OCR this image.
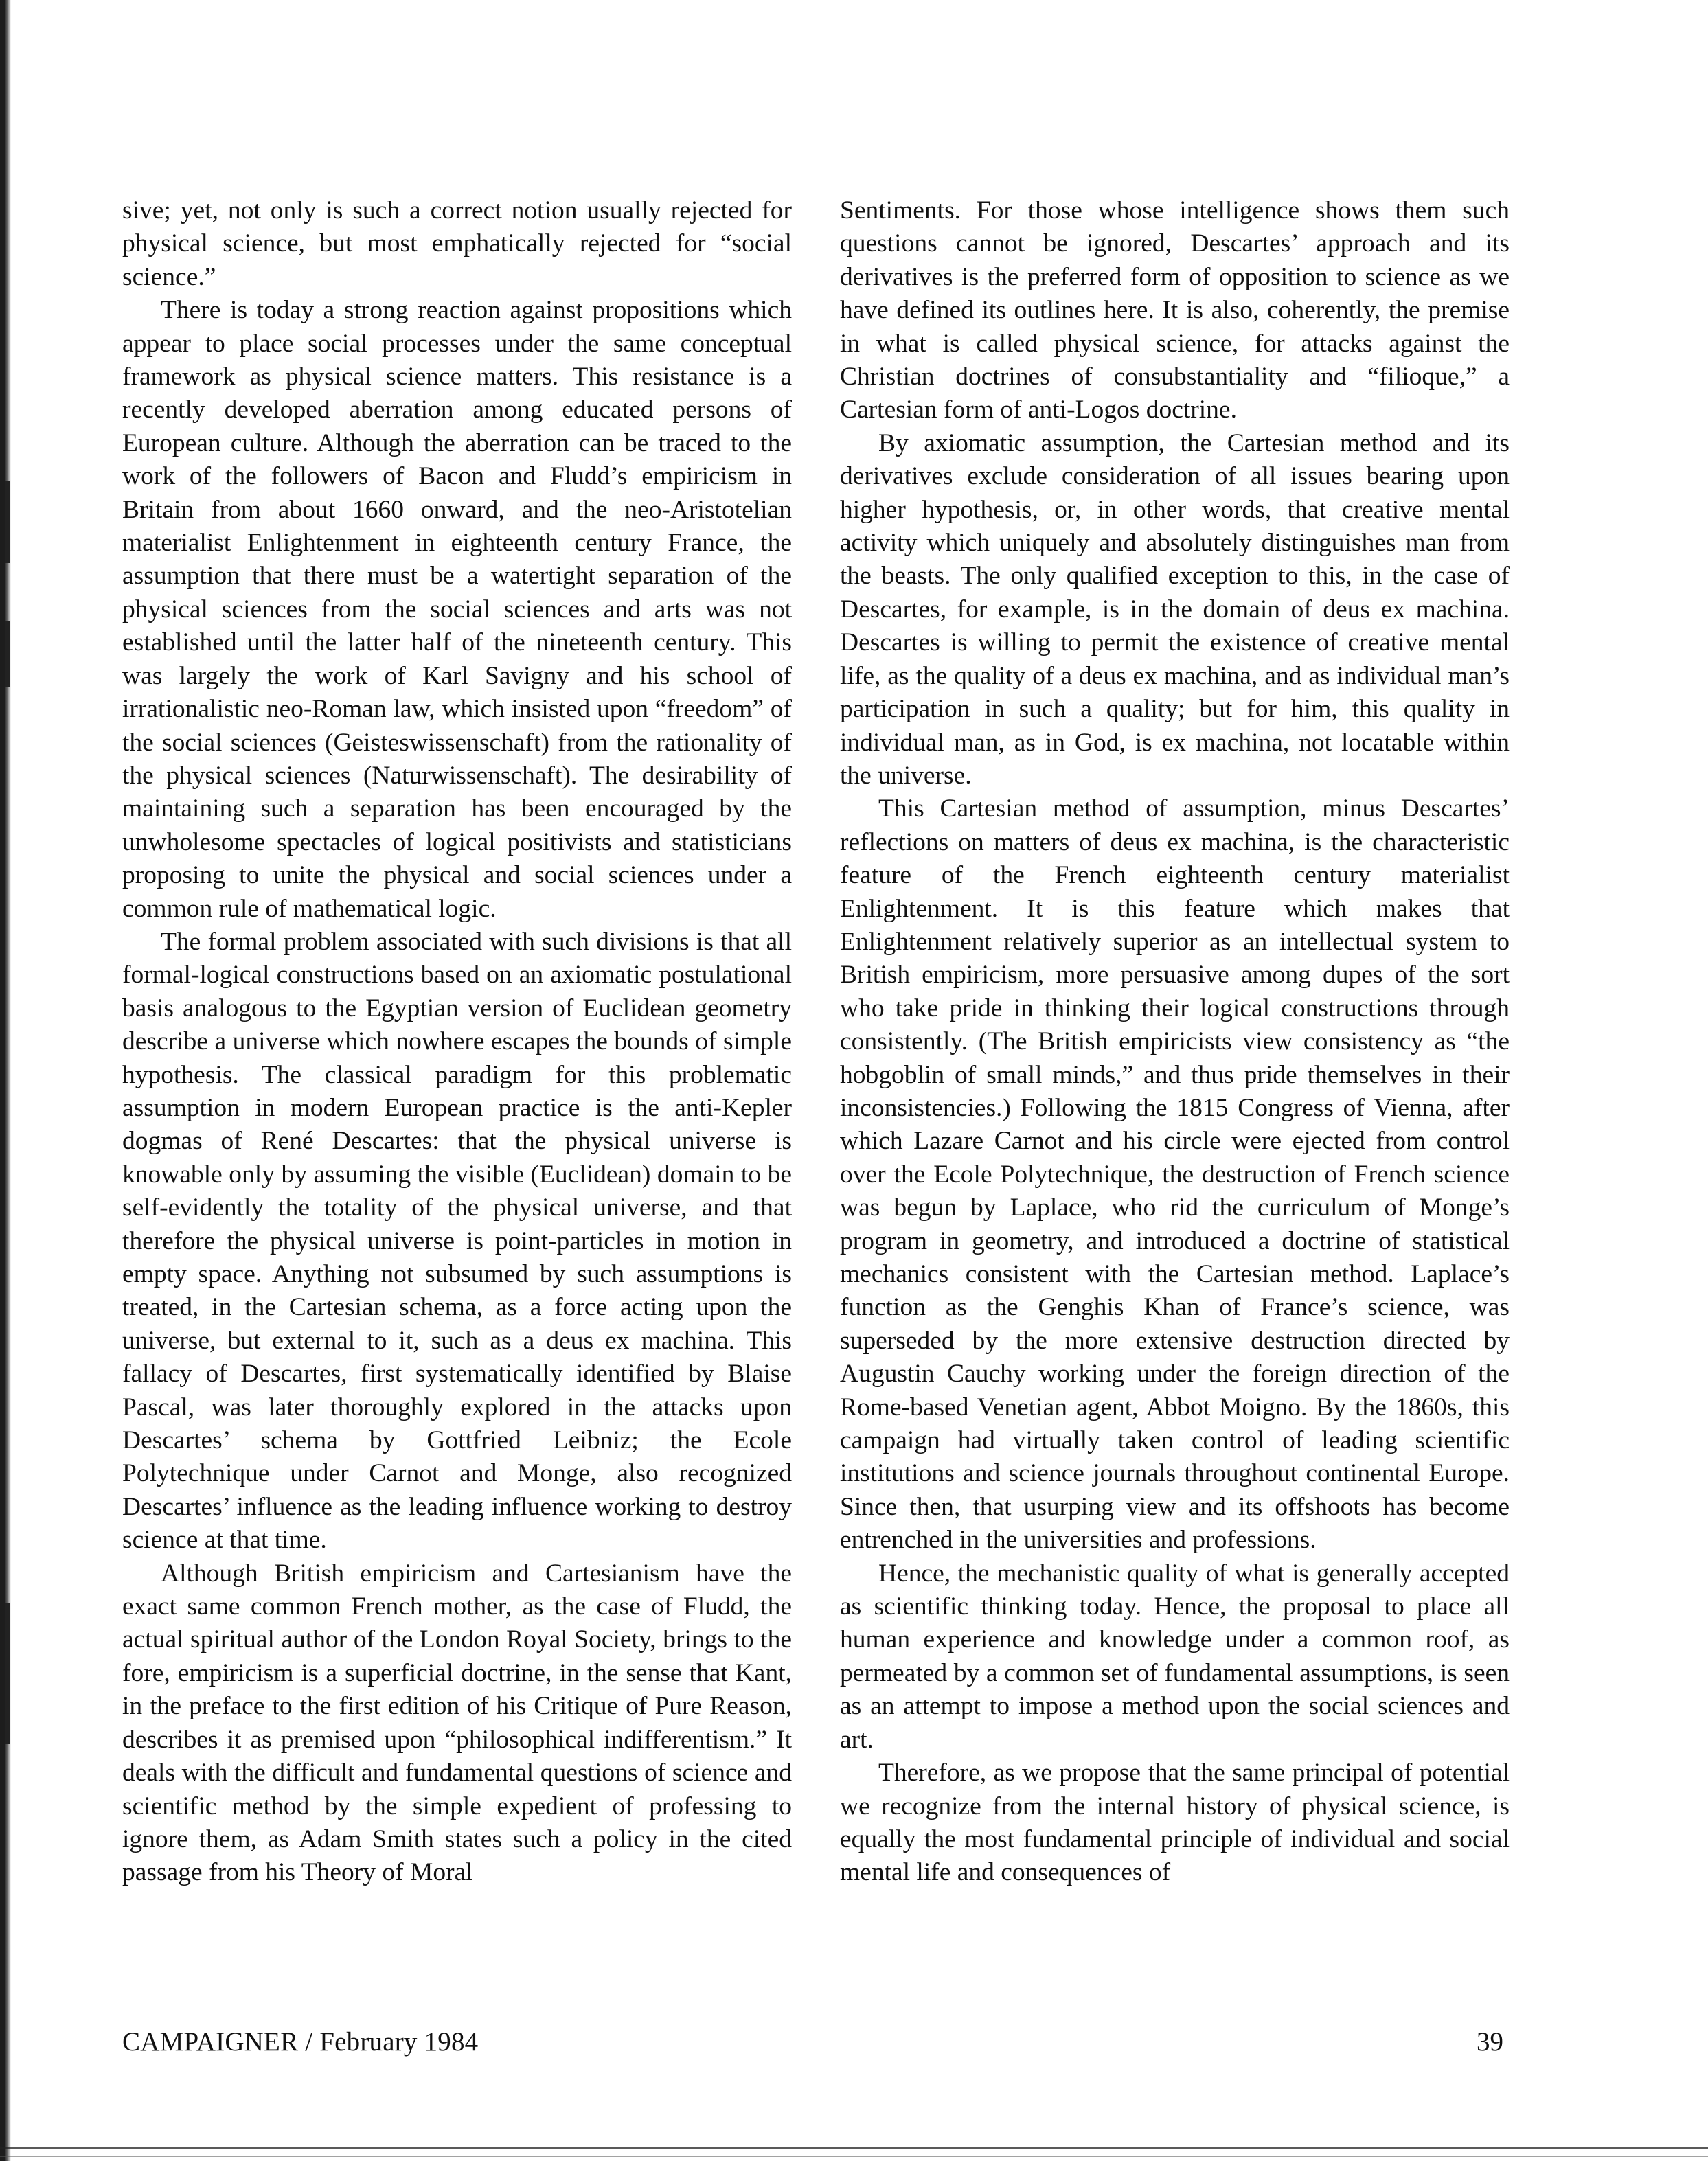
sive; yet, not only is such a correct notion usually rejected for physical science, but most emphatically rejected for “social science.”

There is today a strong reaction against propositions which appear to place social processes under the same conceptual framework as physical science matters. This resistance is a recently developed aberration among educated persons of European culture. Although the aberration can be traced to the work of the followers of Bacon and Fludd’s empiricism in Britain from about 1660 onward, and the neo-Aristotelian materialist Enlightenment in eighteenth century France, the assumption that there must be a watertight separation of the physical sciences from the social sciences and arts was not established until the latter half of the nineteenth century. This was largely the work of Karl Savigny and his school of irrationalistic neo-Roman law, which insisted upon “freedom” of the social sciences (Geisteswissenschaft) from the rationality of the physical sciences (Naturwissenschaft). The desirability of maintaining such a separation has been encouraged by the unwholesome spectacles of logical positivists and statisticians proposing to unite the physical and social sciences under a common rule of mathematical logic.

The formal problem associated with such divisions is that all formal-logical constructions based on an axiomatic postulational basis analogous to the Egyptian version of Euclidean geometry describe a universe which nowhere escapes the bounds of simple hypothesis. The classical paradigm for this problematic assumption in modern European practice is the anti-Kepler dogmas of René Descartes: that the physical universe is knowable only by assuming the visible (Euclidean) domain to be self-evidently the totality of the physical universe, and that therefore the physical universe is point-particles in motion in empty space. Anything not subsumed by such assumptions is treated, in the Cartesian schema, as a force acting upon the universe, but external to it, such as a deus ex machina. This fallacy of Descartes, first systematically identified by Blaise Pascal, was later thoroughly explored in the attacks upon Descartes’ schema by Gottfried Leibniz; the Ecole Polytechnique under Carnot and Monge, also recognized Descartes’ influence as the leading influence working to destroy science at that time.

Although British empiricism and Cartesianism have the exact same common French mother, as the case of Fludd, the actual spiritual author of the London Royal Society, brings to the fore, empiricism is a superficial doctrine, in the sense that Kant, in the preface to the first edition of his Critique of Pure Reason, describes it as premised upon “philosophical indifferentism.” It deals with the difficult and fundamental questions of science and scientific method by the simple expedient of professing to ignore them, as Adam Smith states such a policy in the cited passage from his Theory of Moral

Sentiments. For those whose intelligence shows them such questions cannot be ignored, Descartes’ approach and its derivatives is the preferred form of opposition to science as we have defined its outlines here. It is also, coherently, the premise in what is called physical science, for attacks against the Christian doctrines of consubstantiality and “filioque,” a Cartesian form of anti-Logos doctrine.

By axiomatic assumption, the Cartesian method and its derivatives exclude consideration of all issues bearing upon higher hypothesis, or, in other words, that creative mental activity which uniquely and absolutely distinguishes man from the beasts. The only qualified exception to this, in the case of Descartes, for example, is in the domain of deus ex machina. Descartes is willing to permit the existence of creative mental life, as the quality of a deus ex machina, and as individual man’s participation in such a quality; but for him, this quality in individual man, as in God, is ex machina, not locatable within the universe.

This Cartesian method of assumption, minus Descartes’ reflections on matters of deus ex machina, is the characteristic feature of the French eighteenth century materialist Enlightenment. It is this feature which makes that Enlightenment relatively superior as an intellectual system to British empiricism, more persuasive among dupes of the sort who take pride in thinking their logical constructions through consistently. (The British empiricists view consistency as “the hobgoblin of small minds,” and thus pride themselves in their inconsistencies.) Following the 1815 Congress of Vienna, after which Lazare Carnot and his circle were ejected from control over the Ecole Polytechnique, the destruction of French science was begun by Laplace, who rid the curriculum of Monge’s program in geometry, and introduced a doctrine of statistical mechanics consistent with the Cartesian method. Laplace’s function as the Genghis Khan of France’s science, was superseded by the more extensive destruction directed by Augustin Cauchy working under the foreign direction of the Rome-based Venetian agent, Abbot Moigno. By the 1860s, this campaign had virtually taken control of leading scientific institutions and science journals throughout continental Europe. Since then, that usurping view and its offshoots has become entrenched in the universities and professions.

Hence, the mechanistic quality of what is generally accepted as scientific thinking today. Hence, the proposal to place all human experience and knowledge under a common roof, as permeated by a common set of fundamental assumptions, is seen as an attempt to impose a method upon the social sciences and art.

Therefore, as we propose that the same principal of potential we recognize from the internal history of physical science, is equally the most fundamental principle of individual and social mental life and consequences of

CAMPAIGNER / February 1984	39
